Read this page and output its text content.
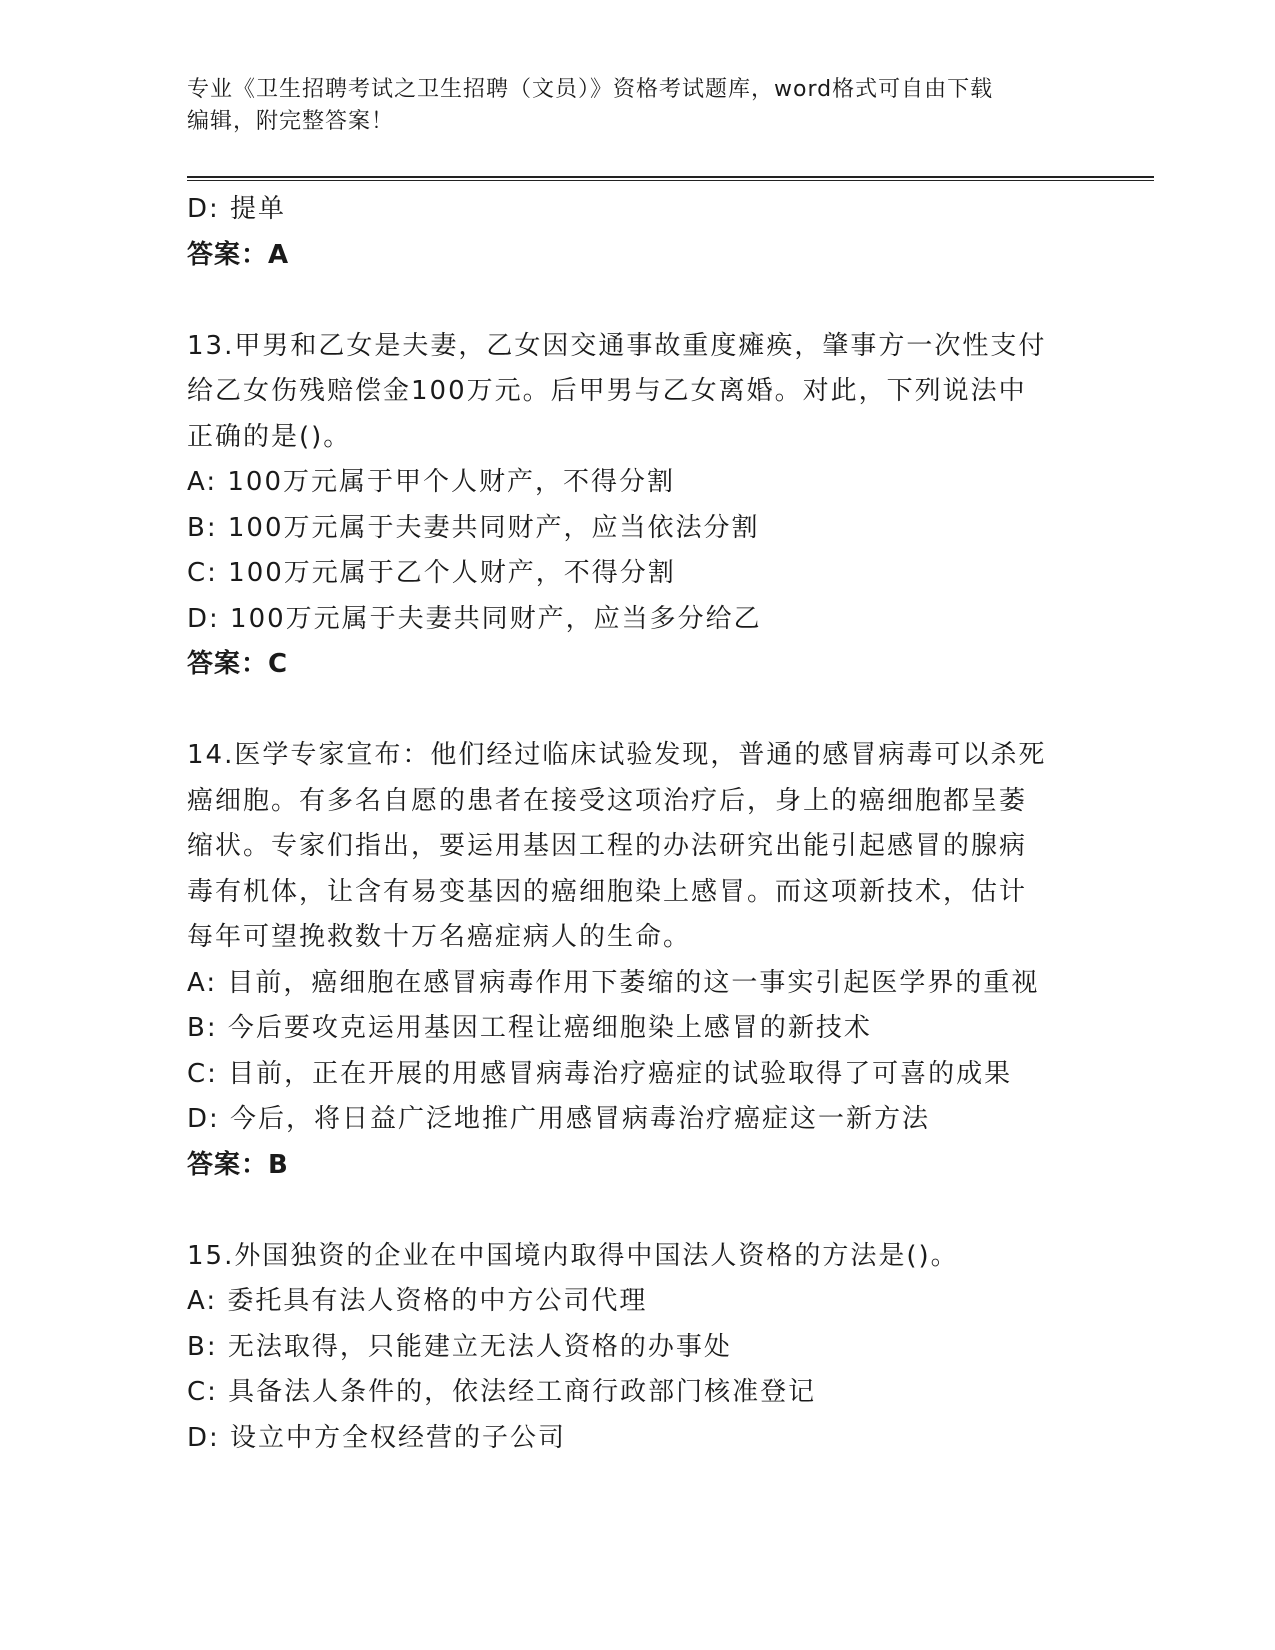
专业《卫生招聘考试之卫生招聘（文员）》资格考试题库，word格式可自由下载
编辑，附完整答案！
D: 提单
答案：A
13.甲男和乙女是夫妻，乙女因交通事故重度瘫痪，肇事方一次性支付
给乙女伤残赔偿金100万元。后甲男与乙女离婚。对此，下列说法中
正确的是()。
A: 100万元属于甲个人财产，不得分割
B: 100万元属于夫妻共同财产，应当依法分割
C: 100万元属于乙个人财产，不得分割
D: 100万元属于夫妻共同财产，应当多分给乙
答案：C
14.医学专家宣布：他们经过临床试验发现，普通的感冒病毒可以杀死
癌细胞。有多名自愿的患者在接受这项治疗后，身上的癌细胞都呈萎
缩状。专家们指出，要运用基因工程的办法研究出能引起感冒的腺病
毒有机体，让含有易变基因的癌细胞染上感冒。而这项新技术，估计
每年可望挽救数十万名癌症病人的生命。
A: 目前，癌细胞在感冒病毒作用下萎缩的这一事实引起医学界的重视
B: 今后要攻克运用基因工程让癌细胞染上感冒的新技术
C: 目前，正在开展的用感冒病毒治疗癌症的试验取得了可喜的成果
D: 今后，将日益广泛地推广用感冒病毒治疗癌症这一新方法
答案：B
15.外国独资的企业在中国境内取得中国法人资格的方法是()。
A: 委托具有法人资格的中方公司代理
B: 无法取得，只能建立无法人资格的办事处
C: 具备法人条件的，依法经工商行政部门核准登记
D: 设立中方全权经营的子公司
